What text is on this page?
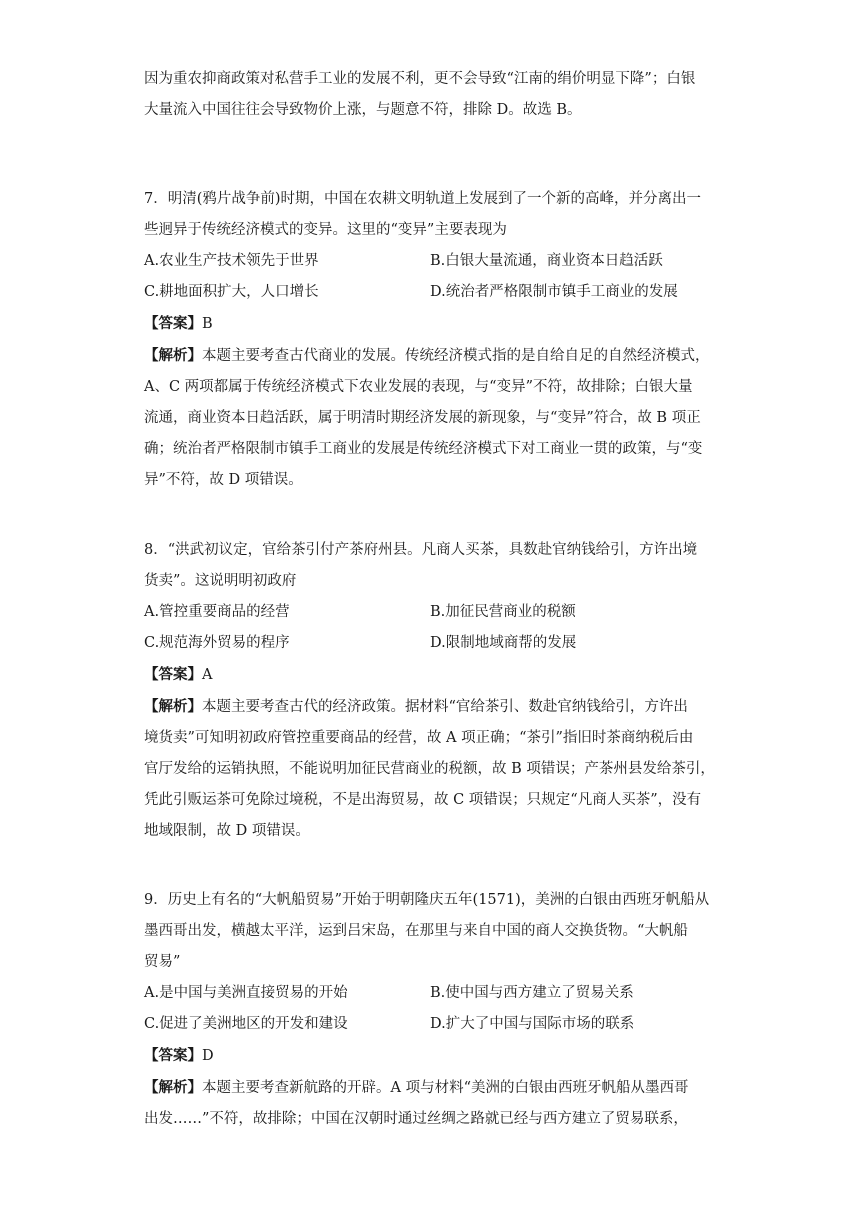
因为重农抑商政策对私营手工业的发展不利，更不会导致“江南的绢价明显下降”；白银

大量流入中国往往会导致物价上涨，与题意不符，排除 D。故选 B。

7．明清(鸦片战争前)时期，中国在农耕文明轨道上发展到了一个新的高峰，并分离出一

些迥异于传统经济模式的变异。这里的“变异”主要表现为

A.农业生产技术领先于世界	B.白银大量流通，商业资本日趋活跃

C.耕地面积扩大，人口增长	D.统治者严格限制市镇手工商业的发展

【答案】B

【解析】本题主要考查古代商业的发展。传统经济模式指的是自给自足的自然经济模式，

A、C 两项都属于传统经济模式下农业发展的表现，与“变异”不符，故排除；白银大量

流通，商业资本日趋活跃，属于明清时期经济发展的新现象，与“变异”符合，故 B 项正

确；统治者严格限制市镇手工商业的发展是传统经济模式下对工商业一贯的政策，与“变

异”不符，故 D 项错误。

8．“洪武初议定，官给茶引付产茶府州县。凡商人买茶，具数赴官纳钱给引，方许出境

货卖”。这说明明初政府

A.管控重要商品的经营	B.加征民营商业的税额

C.规范海外贸易的程序	D.限制地域商帮的发展

【答案】A

【解析】本题主要考查古代的经济政策。据材料“官给茶引、数赴官纳钱给引，方许出

境货卖”可知明初政府管控重要商品的经营，故 A 项正确；“茶引”指旧时茶商纳税后由

官厅发给的运销执照，不能说明加征民营商业的税额，故 B 项错误；产茶州县发给茶引，

凭此引贩运茶可免除过境税，不是出海贸易，故 C 项错误；只规定“凡商人买茶”，没有

地域限制，故 D 项错误。

9．历史上有名的“大帆船贸易”开始于明朝隆庆五年(1571)，美洲的白银由西班牙帆船从

墨西哥出发，横越太平洋，运到吕宋岛，在那里与来自中国的商人交换货物。“大帆船

贸易”

A.是中国与美洲直接贸易的开始	B.使中国与西方建立了贸易关系

C.促进了美洲地区的开发和建设	D.扩大了中国与国际市场的联系

【答案】D

【解析】本题主要考查新航路的开辟。A 项与材料“美洲的白银由西班牙帆船从墨西哥

出发……”不符，故排除；中国在汉朝时通过丝绸之路就已经与西方建立了贸易联系，
